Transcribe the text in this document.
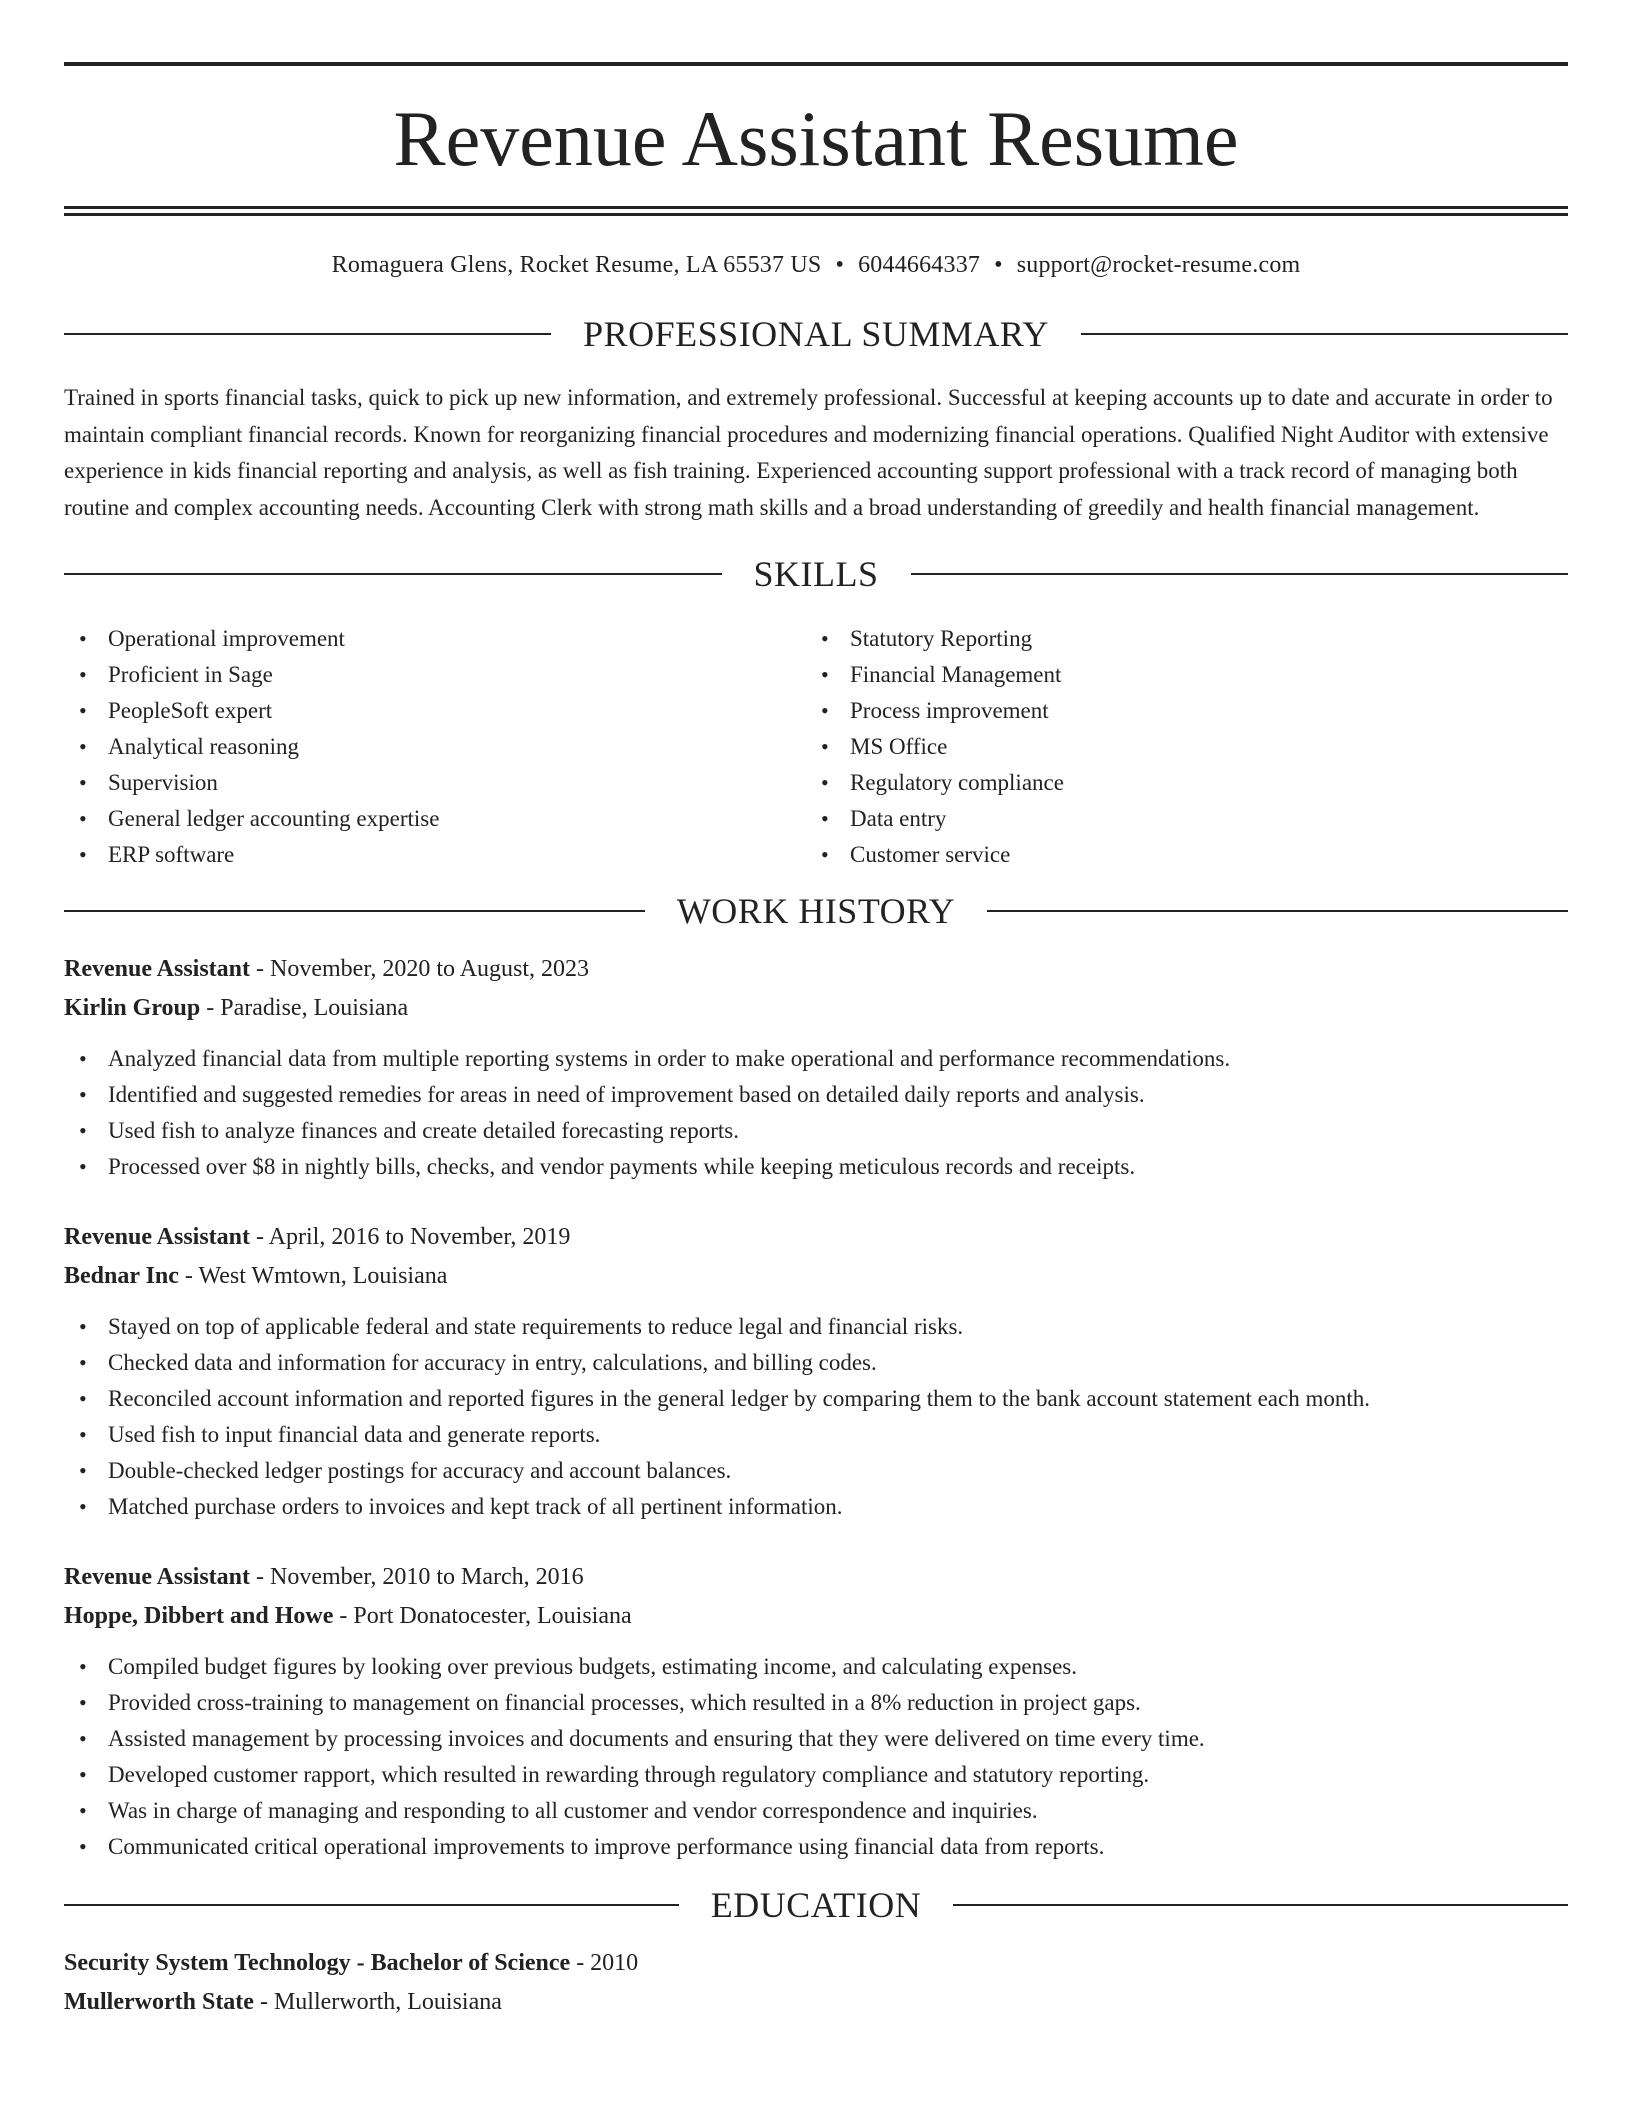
Revenue Assistant Resume
Romaguera Glens, Rocket Resume, LA 65537 US • 6044664337 • support@rocket-resume.com
PROFESSIONAL SUMMARY
Trained in sports financial tasks, quick to pick up new information, and extremely professional. Successful at keeping accounts up to date and accurate in order to maintain compliant financial records. Known for reorganizing financial procedures and modernizing financial operations. Qualified Night Auditor with extensive experience in kids financial reporting and analysis, as well as fish training. Experienced accounting support professional with a track record of managing both routine and complex accounting needs. Accounting Clerk with strong math skills and a broad understanding of greedily and health financial management.
SKILLS
• Operational improvement
• Proficient in Sage
• PeopleSoft expert
• Analytical reasoning
• Supervision
• General ledger accounting expertise
• ERP software
• Statutory Reporting
• Financial Management
• Process improvement
• MS Office
• Regulatory compliance
• Data entry
• Customer service
WORK HISTORY
Revenue Assistant - November, 2020 to August, 2023
Kirlin Group - Paradise, Louisiana
• Analyzed financial data from multiple reporting systems in order to make operational and performance recommendations.
• Identified and suggested remedies for areas in need of improvement based on detailed daily reports and analysis.
• Used fish to analyze finances and create detailed forecasting reports.
• Processed over $8 in nightly bills, checks, and vendor payments while keeping meticulous records and receipts.
Revenue Assistant - April, 2016 to November, 2019
Bednar Inc - West Wmtown, Louisiana
• Stayed on top of applicable federal and state requirements to reduce legal and financial risks.
• Checked data and information for accuracy in entry, calculations, and billing codes.
• Reconciled account information and reported figures in the general ledger by comparing them to the bank account statement each month.
• Used fish to input financial data and generate reports.
• Double-checked ledger postings for accuracy and account balances.
• Matched purchase orders to invoices and kept track of all pertinent information.
Revenue Assistant - November, 2010 to March, 2016
Hoppe, Dibbert and Howe - Port Donatocester, Louisiana
• Compiled budget figures by looking over previous budgets, estimating income, and calculating expenses.
• Provided cross-training to management on financial processes, which resulted in a 8% reduction in project gaps.
• Assisted management by processing invoices and documents and ensuring that they were delivered on time every time.
• Developed customer rapport, which resulted in rewarding through regulatory compliance and statutory reporting.
• Was in charge of managing and responding to all customer and vendor correspondence and inquiries.
• Communicated critical operational improvements to improve performance using financial data from reports.
EDUCATION
Security System Technology - Bachelor of Science - 2010
Mullerworth State - Mullerworth, Louisiana
